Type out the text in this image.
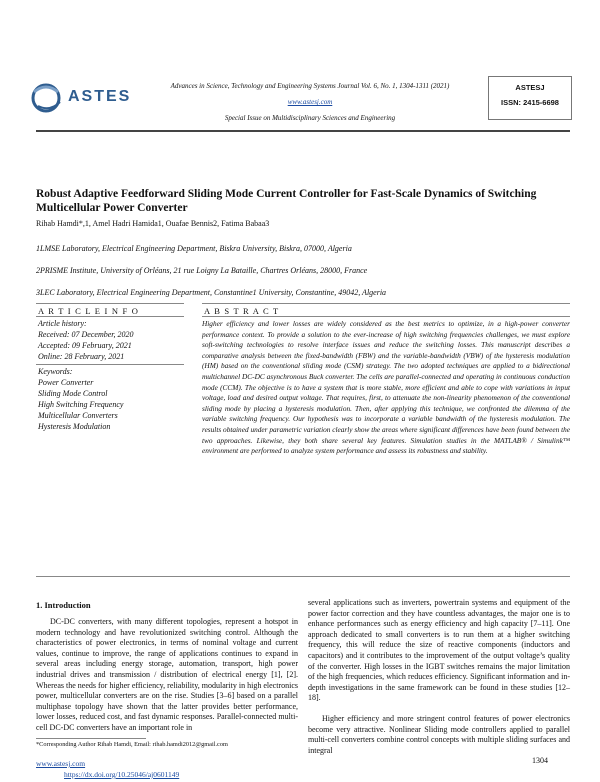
ASTES
Advances in Science, Technology and Engineering Systems Journal Vol. 6, No. 1, 1304-1311 (2021)
www.astesj.com
Special Issue on Multidisciplinary Sciences and Engineering
ASTESJ
ISSN: 2415-6698
Robust Adaptive Feedforward Sliding Mode Current Controller for Fast-Scale Dynamics of Switching Multicellular Power Converter
Rihab Hamdi*,1, Amel Hadri Hamida1, Ouafae Bennis2, Fatima Babaa3
1LMSE Laboratory, Electrical Engineering Department, Biskra University, Biskra, 07000, Algeria
2PRISME Institute, University of Orléans, 21 rue Loigny La Bataille, Chartres Orléans, 28000, France
3LEC Laboratory, Electrical Engineering Department, Constantine1 University, Constantine, 49042, Algeria
A R T I C L E I N F O	A B S T R A C T
Article history:
Received: 07 December, 2020
Accepted: 09 February, 2021
Online: 28 February, 2021
Keywords:
Power Converter
Sliding Mode Control
High Switching Frequency
Multicellular Converters
Hysteresis Modulation
Higher efficiency and lower losses are widely considered as the best metrics to optimize, in a high-power converter performance context. To provide a solution to the ever-increase of high switching frequencies challenges, we must explore soft-switching technologies to resolve interface issues and reduce the switching losses. This manuscript describes a comparative analysis between the fixed-bandwidth (FBW) and the variable-bandwidth (VBW) of the hysteresis modulation (HM) based on the conventional sliding mode (CSM) strategy. The two adopted techniques are applied to a bidirectional multichannel DC-DC asynchronous Buck converter. The cells are parallel-connected and operating in continuous conduction mode (CCM). The objective is to have a system that is more stable, more efficient and able to cope with variations in input voltage, load and desired output voltage. That requires, first, to attenuate the non-linearity phenomenon of the conventional sliding mode by placing a hysteresis modulation. Then, after applying this technique, we confronted the dilemma of the variable switching frequency. Our hypothesis was to incorporate a variable bandwidth of the hysteresis modulation. The results obtained under parametric variation clearly show the areas where significant differences have been found between the two approaches. Likewise, they both share several key features. Simulation studies in the MATLAB® / Simulink™ environment are performed to analyze system performance and assess its robustness and stability.
1. Introduction

DC-DC converters, with many different topologies, represent a hotspot in modern technology and have revolutionized switching control. Although the characteristics of power electronics, in terms of nominal voltage and current values, continue to improve, the range of applications continues to expand in several areas including energy storage, automation, transport, high power industrial drives and transmission / distribution of electrical energy [1], [2]. Whereas the needs for higher efficiency, reliability, modularity in high electronics power, multicellular converters are on the rise. Studies [3–6] based on a parallel multiphase topology have shown that the latter provides better performance, lower losses, reduced cost, and fast dynamic responses. Parallel-connected multi-cell DC-DC converters have an important role in

several applications such as inverters, powertrain systems and equipment of the power factor correction and they have countless advantages, the major one is to enhance performances such as energy efficiency and high capacity [7–11]. One approach dedicated to small converters is to run them at a higher switching frequency, this will reduce the size of reactive components (inductors and capacitors) and it contributes to the improvement of the output voltage’s quality of the converter. High losses in the IGBT switches remains the major limitation of the high frequencies, which reduces efficiency. Significant information and in-depth investigations in the same framework can be found in these studies [12–18].

Higher efficiency and more stringent control features of power electronics become very attractive. Nonlinear Sliding mode controllers applied to parallel multi-cell converters combine control concepts with multiple sliding surfaces and integral

*Corresponding Author Rihab Hamdi, Email: rihab.hamdi2012@gmail.com
www.astesj.com
https://dx.doi.org/10.25046/aj0601149
1304
